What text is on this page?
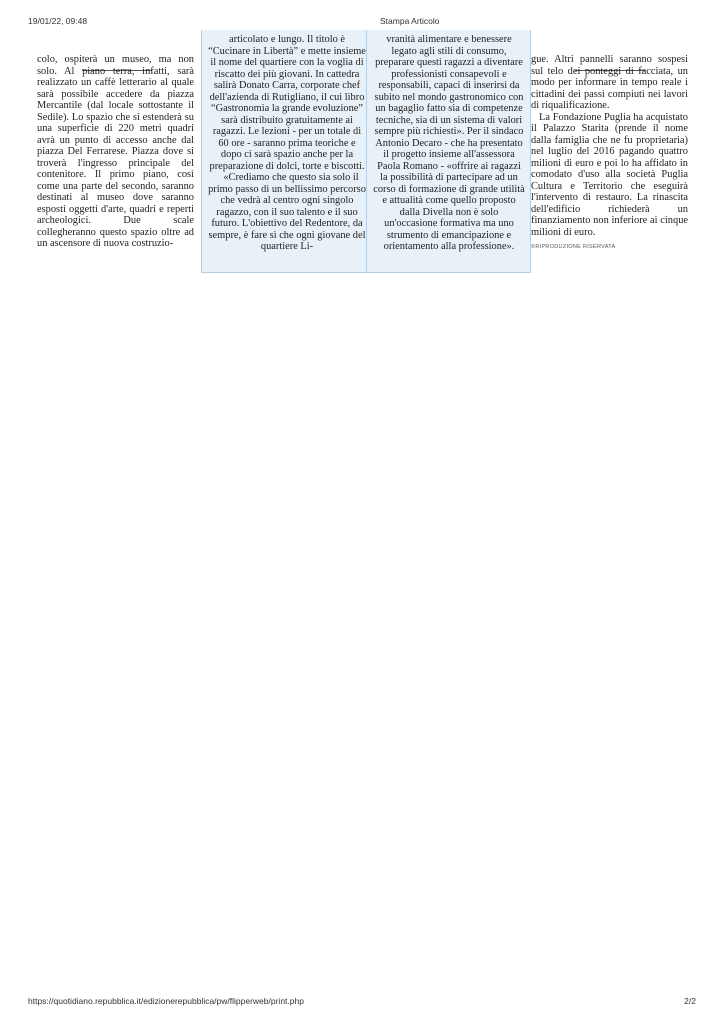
19/01/22, 09:48	Stampa Articolo

colo, ospiterà un museo, ma non solo. Al piano terra, infatti, sarà realizzato un caffè letterario al quale sarà possibile accedere da piazza Mercantile (dal locale sottostante il Sedile). Lo spazio che si estenderà su una superficie di 220 metri quadri avrà un punto di accesso anche dal piazza Del Ferrarese. Piazza dove si troverà l'ingresso principale del contenitore. Il primo piano, così come una parte del secondo, saranno destinati al museo dove saranno esposti oggetti d'arte, quadri e reperti archeologici. Due scale collegheranno questo spazio oltre ad un ascensore di nuova costruzio-

articolato e lungo. Il titolo è “Cucinare in Libertà” e mette insieme il nome del quartiere con la voglia di riscatto dei più giovani. In cattedra salirà Donato Carra, corporate chef dell'azienda di Rutigliano, il cui libro “Gastronomia la grande evoluzione” sarà distribuito gratuitamente ai ragazzi. Le lezioni - per un totale di 60 ore - saranno prima teoriche e dopo ci sarà spazio anche per la preparazione di dolci, torte e biscotti.

«Crediamo che questo sia solo il primo passo di un bellissimo percorso che vedrà al centro ogni singolo ragazzo, con il suo talento e il suo futuro. L'obiettivo del Redentore, da sempre, è fare sì che ogni giovane del quartiere Li-

vranità alimentare e benessere legato agli stili di consumo, preparare questi ragazzi a diventare professionisti consapevoli e responsabili, capaci di inserirsi da subito nel mondo gastronomico con un bagaglio fatto sia di competenze tecniche, sia di un sistema di valori sempre più richiesti». Per il sindaco Antonio Decaro - che ha presentato il progetto insieme all'assessora Paola Romano - «offrire ai ragazzi la possibilità di partecipare ad un corso di formazione di grande utilità e attualità come quello proposto dalla Divella non è solo un'occasione formativa ma uno strumento di emancipazione e orientamento alla professione».

gue. Altri pannelli saranno sospesi sul telo dei ponteggi di facciata, un modo per informare in tempo reale i cittadini dei passi compiuti nei lavori di riqualificazione.

La Fondazione Puglia ha acquistato il Palazzo Starita (prende il nome dalla famiglia che ne fu proprietaria) nel luglio del 2016 pagando quattro milioni di euro e poi lo ha affidato in comodato d'uso alla società Puglia Cultura e Territorio che eseguirà l'intervento di restauro. La rinascita dell'edificio richiederà un finanziamento non inferiore ai cinque milioni di euro.

©RIPRODUZIONE RISERVATA
https://quotidiano.repubblica.it/edizionerepubblica/pw/flipperweb/print.php	2/2
